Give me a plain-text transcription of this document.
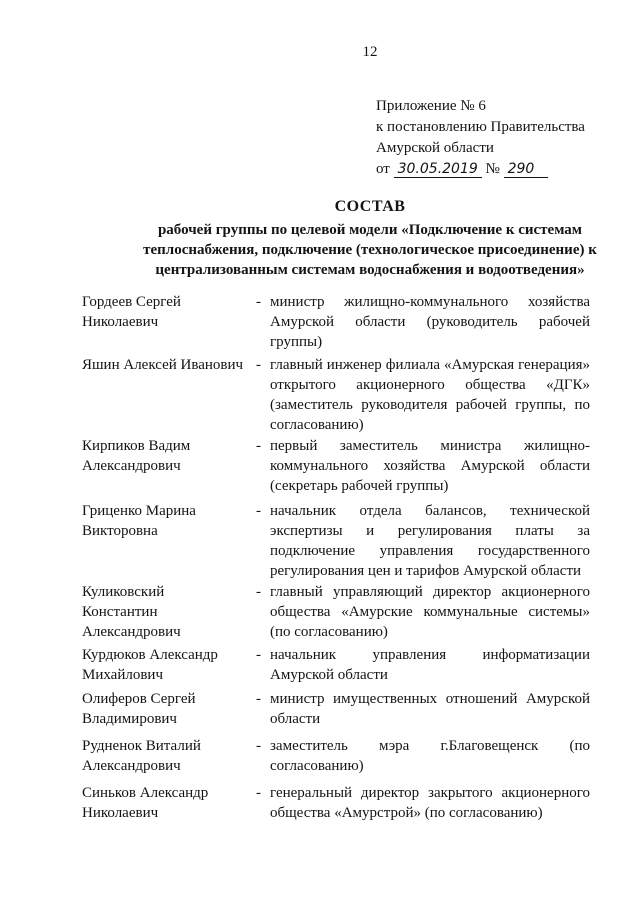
12
Приложение № 6
к постановлению Правительства
Амурской области
от 30.05.2019 № 290
СОСТАВ
рабочей группы по целевой модели «Подключение к системам
теплоснабжения, подключение (технологическое присоединение) к
централизованным системам водоснабжения и водоотведения»
Гордеев Сергей
Николаевич
- министр жилищно-коммунального хозяйства Амурской области (руководитель рабочей группы)
Яшин Алексей Иванович - главный инженер филиала «Амурская генерация» открытого акционерного общества «ДГК» (заместитель руководителя рабочей группы, по согласованию)
Кирпиков Вадим
Александрович
- первый заместитель министра жилищно-коммунального хозяйства Амурской области (секретарь рабочей группы)
Гриценко Марина
Викторовна
- начальник отдела балансов, технической экспертизы и регулирования платы за подключение управления государственного регулирования цен и тарифов Амурской области
Куликовский
Константин
Александрович
- главный управляющий директор акционерного общества «Амурские коммунальные системы» (по согласованию)
Курдюков Александр
Михайлович
- начальник управления информатизации Амурской области
Олиферов Сергей
Владимирович
- министр имущественных отношений Амурской области
Рудненок Виталий
Александрович
- заместитель мэра г.Благовещенск (по согласованию)
Синьков Александр
Николаевич
- генеральный директор закрытого акционерного общества «Амурстрой» (по согласованию)
